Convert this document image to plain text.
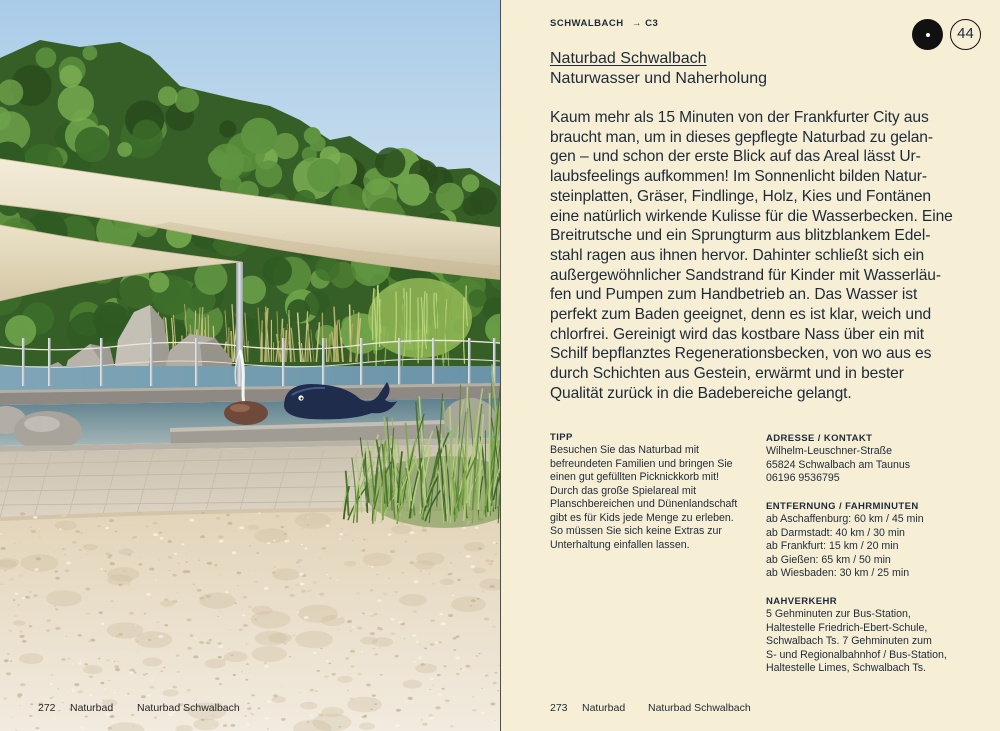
272 Naturbad Naturbad Schwalbach
SCHWALBACH → C3
44
Naturbad Schwalbach
Naturwasser und Naherholung
Kaum mehr als 15 Minuten von der Frankfurter City aus
braucht man, um in dieses gepflegte Naturbad zu gelan-
gen – und schon der erste Blick auf das Areal lässt Ur-
laubsfeelings aufkommen! Im Sonnenlicht bilden Natur-
steinplatten, Gräser, Findlinge, Holz, Kies und Fontänen
eine natürlich wirkende Kulisse für die Wasserbecken. Eine
Breitrutsche und ein Sprungturm aus blitzblankem Edel-
stahl ragen aus ihnen hervor. Dahinter schließt sich ein
außergewöhnlicher Sandstrand für Kinder mit Wasserläu-
fen und Pumpen zum Handbetrieb an. Das Wasser ist
perfekt zum Baden geeignet, denn es ist klar, weich und
chlorfrei. Gereinigt wird das kostbare Nass über ein mit
Schilf bepflanztes Regenerationsbecken, von wo aus es
durch Schichten aus Gestein, erwärmt und in bester
Qualität zurück in die Badebereiche gelangt.
TIPP
Besuchen Sie das Naturbad mit
befreundeten Familien und bringen Sie
einen gut gefüllten Picknickkorb mit!
Durch das große Spielareal mit
Planschbereichen und Dünenlandschaft
gibt es für Kids jede Menge zu erleben.
So müssen Sie sich keine Extras zur
Unterhaltung einfallen lassen.
ADRESSE / KONTAKT
Wilhelm-Leuschner-Straße
65824 Schwalbach am Taunus
06196 9536795
ENTFERNUNG / FAHRMINUTEN
ab Aschaffenburg: 60 km / 45 min
ab Darmstadt: 40 km / 30 min
ab Frankfurt: 15 km / 20 min
ab Gießen: 65 km / 50 min
ab Wiesbaden: 30 km / 25 min
NAHVERKEHR
5 Gehminuten zur Bus-Station,
Haltestelle Friedrich-Ebert-Schule,
Schwalbach Ts. 7 Gehminuten zum
S- und Regionalbahnhof / Bus-Station,
Haltestelle Limes, Schwalbach Ts.
273 Naturbad Naturbad Schwalbach
